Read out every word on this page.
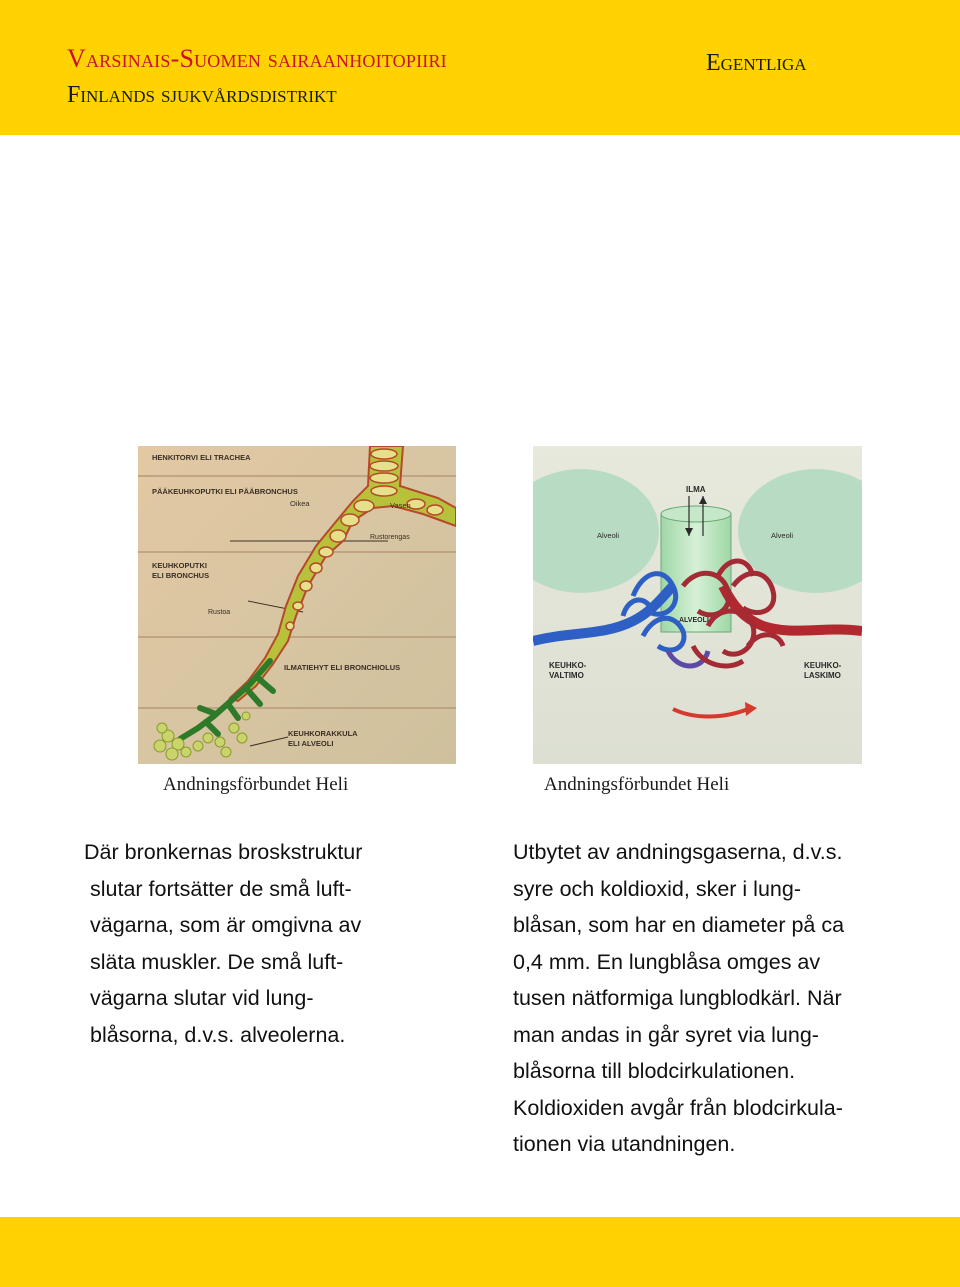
Varsinais-Suomen sairaanhoitopiiri
Finlands sjukvårdsdistrikt
Egentliga
HENKITORVI ELI TRACHEA
PÄÄKEUHKOPUTKI ELI PÄÄBRONCHUS
Oikea	Vasen
Rustorengas
KEUHKOPUTKI
ELI BRONCHUS
Rustoa
ILMATIEHYT ELI BRONCHIOLUS
KEUHKORAKKULA
ELI ALVEOLI
Andningsförbundet Heli
ILMA
Alveoli	Alveoli
ALVEOLI
KEUHKO-
VALTIMO
KEUHKO-
LASKIMO
Andningsförbundet Heli
Där bronkernas broskstruktur
slutar fortsätter de små luft-
vägarna, som är omgivna av
släta muskler. De små luft-
vägarna slutar vid lung-
blåsorna, d.v.s. alveolerna.
Utbytet av andningsgaserna, d.v.s.
syre och koldioxid, sker i lung-
blåsan, som har en diameter på ca
0,4 mm. En lungblåsa omges av
tusen nätformiga lungblodkärl. När
man andas in går syret via lung-
blåsorna till blodcirkulationen.
Koldioxiden avgår från blodcirkula-
tionen via utandningen.
